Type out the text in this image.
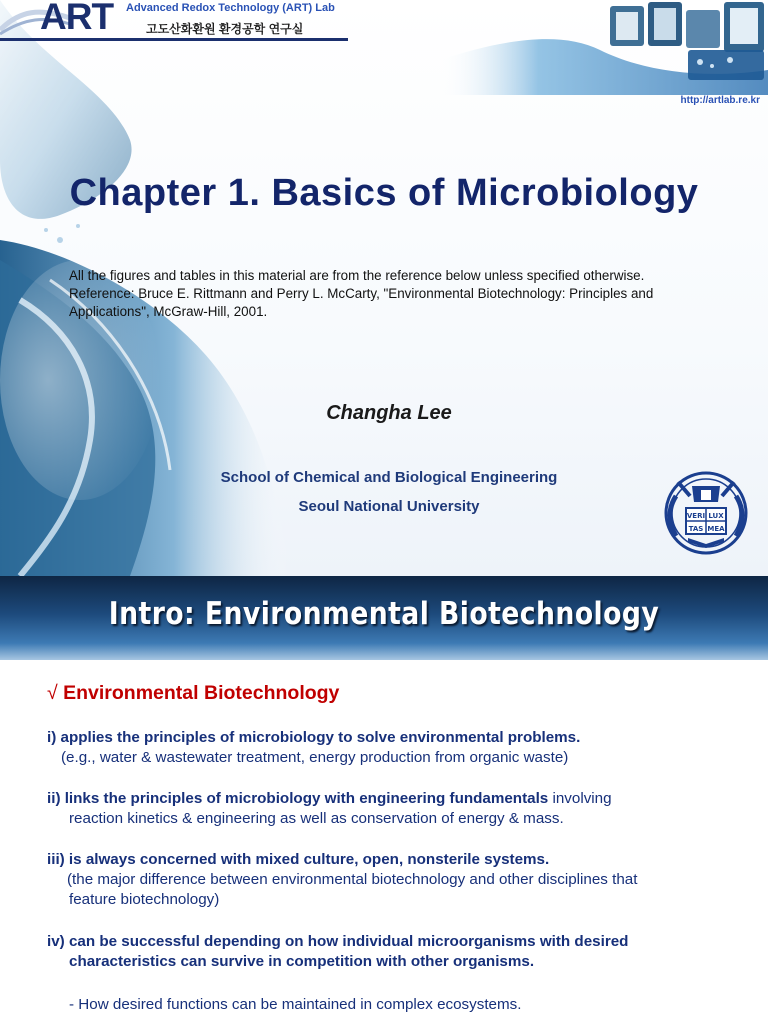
ART Advanced Redox Technology (ART) Lab
고도산화환원 환경공학 연구실
http://artlab.re.kr
Chapter 1. Basics of Microbiology
All the figures and tables in this material are from the reference below unless specified otherwise.
Reference: Bruce E. Rittmann and Perry L. McCarty, "Environmental Biotechnology: Principles and Applications", McGraw-Hill, 2001.
Changha Lee
School of Chemical and Biological Engineering
Seoul National University
VERI LUX
TAS MEA
Intro: Environmental Biotechnology
√ Environmental Biotechnology
i) applies the principles of microbiology to solve environmental problems.
(e.g., water & wastewater treatment, energy production from organic waste)
ii) links the principles of microbiology with engineering fundamentals involving
reaction kinetics & engineering as well as conservation of energy & mass.
iii) is always concerned with mixed culture, open, nonsterile systems.
(the major difference between environmental biotechnology and other disciplines that
feature biotechnology)
iv) can be successful depending on how individual microorganisms with desired
characteristics can survive in competition with other organisms.
- How desired functions can be maintained in complex ecosystems.
